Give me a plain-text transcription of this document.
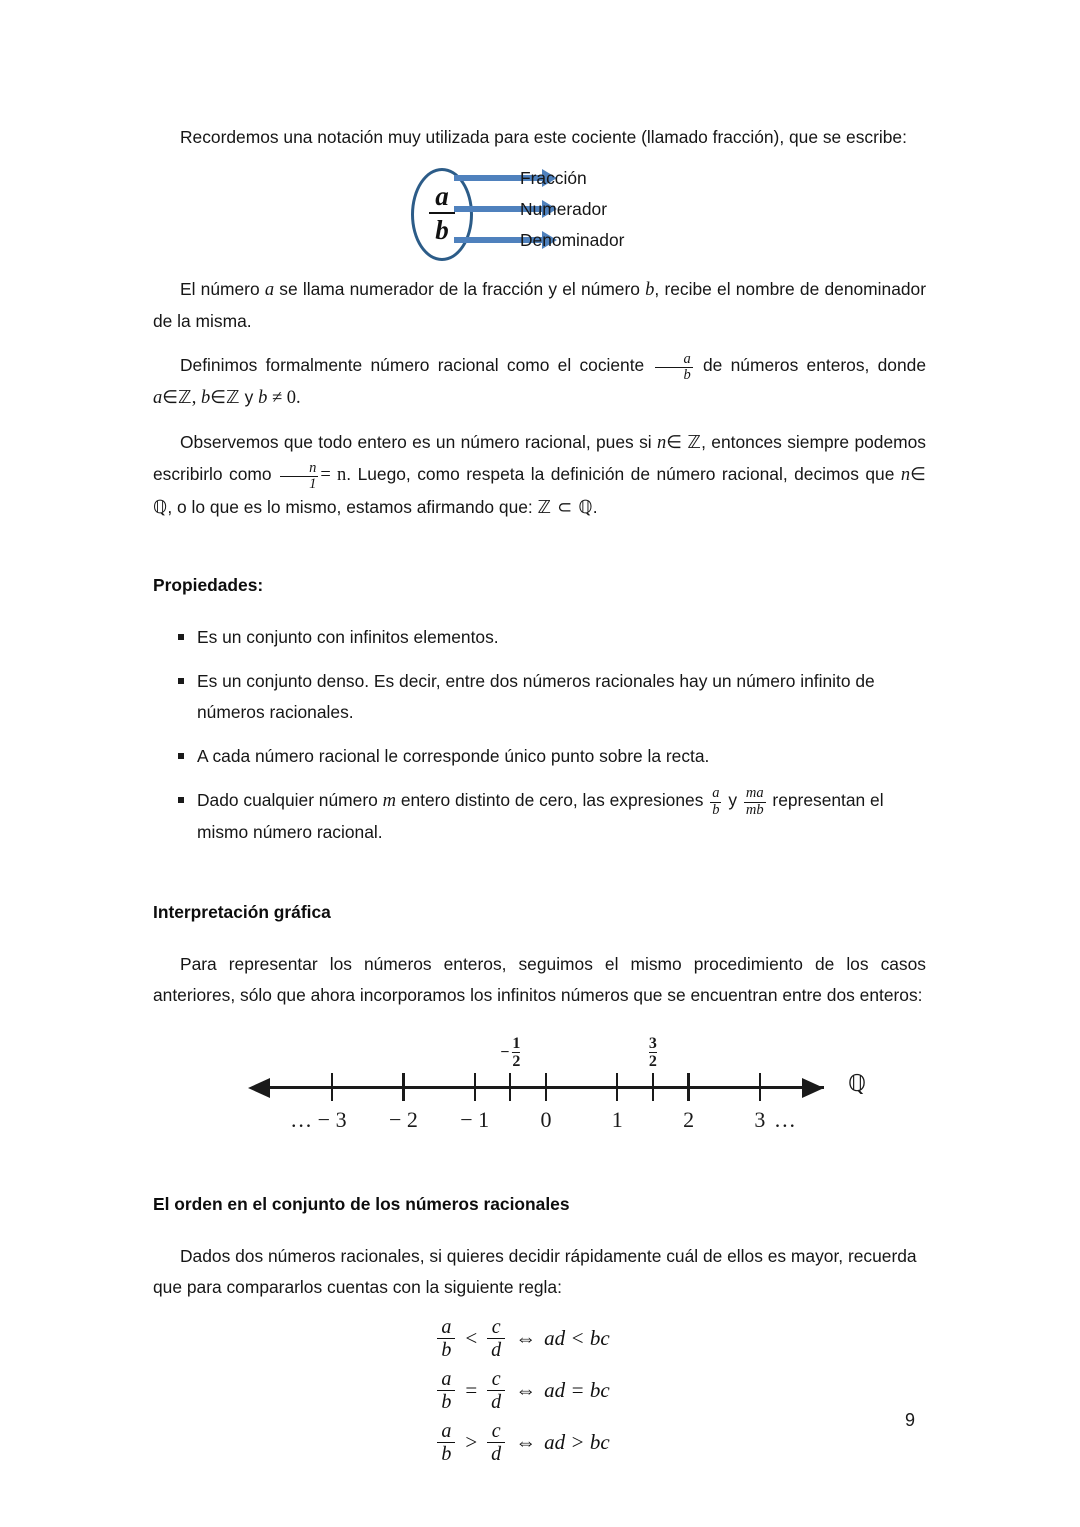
Recordemos una notación muy utilizada para este cociente (llamado fracción), que se escribe:

a
b
Fracción
Numerador
Denominador

El número a se llama numerador de la fracción y el número b, recibe el nombre de denominador de la misma.

Definimos formalmente número racional como el cociente $\frac{a}{b}$ de números enteros, donde a∈ℤ, b∈ℤ y b ≠ 0.

Observemos que todo entero es un número racional, pues si n∈ ℤ, entonces siempre podemos escribirlo como $\frac{n}{1} = n$. Luego, como respeta la definición de número racional, decimos que n∈ ℚ, o lo que es lo mismo, estamos afirmando que: ℤ ⊂ ℚ.

Propiedades:
Es un conjunto con infinitos elementos.
Es un conjunto denso. Es decir, entre dos números racionales hay un número infinito de números racionales.
A cada número racional le corresponde único punto sobre la recta.
Dado cualquier número m entero distinto de cero, las expresiones $\frac{a}{b}$ y $\frac{ma}{mb}$ representan el mismo número racional.
Interpretación gráfica

Para representar los números enteros, seguimos el mismo procedimiento de los casos anteriores, sólo que ahora incorporamos los infinitos números que se encuentran entre dos enteros:

ℚ
…	…
− 3 − 2 − 1 0	1	2	3
− $\frac{1}{2}$	$\frac{3}{2}$
El orden en el conjunto de los números racionales

Dados dos números racionales, si quieres decidir rápidamente cuál de ellos es mayor, recuerda que para compararlos cuentas con la siguiente regla:

$\frac{a}{b} < \frac{c}{d}$ ⇔ ad < bc
$\frac{a}{b} = \frac{c}{d}$ ⇔ ad = bc
$\frac{a}{b} > \frac{c}{d}$ ⇔ ad > bc
9
